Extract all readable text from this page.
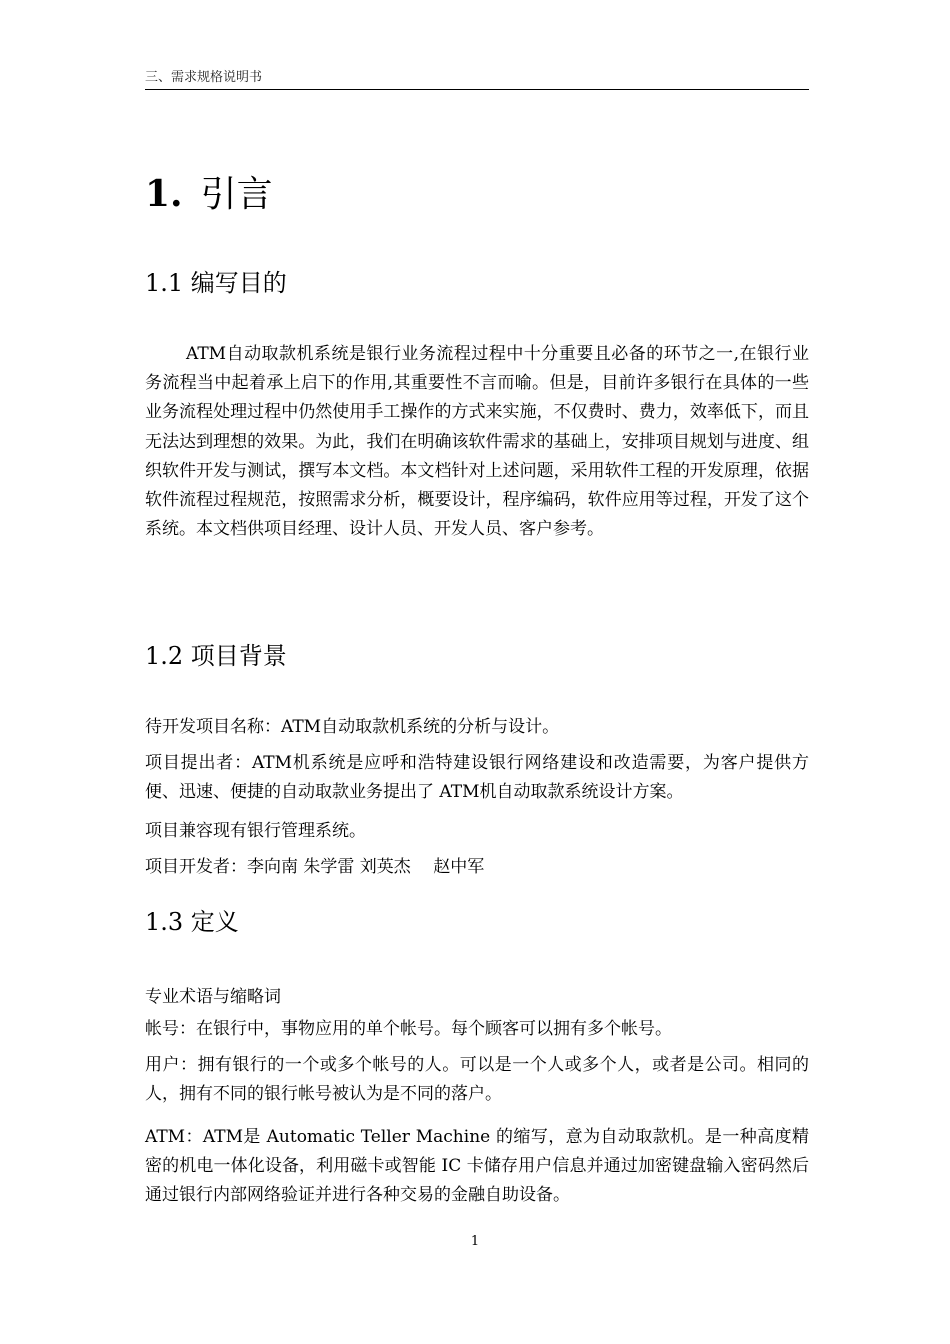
三、需求规格说明书
1. 引言
1.1 编写目的

ATM自动取款机系统是银行业务流程过程中十分重要且必备的环节之一,在银行业务流程当中起着承上启下的作用,其重要性不言而喻。但是，目前许多银行在具体的一些业务流程处理过程中仍然使用手工操作的方式来实施，不仅费时、费力，效率低下，而且无法达到理想的效果。为此，我们在明确该软件需求的基础上，安排项目规划与进度、组织软件开发与测试，撰写本文档。本文档针对上述问题，采用软件工程的开发原理，依据软件流程过程规范，按照需求分析，概要设计，程序编码，软件应用等过程，开发了这个系统。本文档供项目经理、设计人员、开发人员、客户参考。

1.2 项目背景

待开发项目名称：ATM自动取款机系统的分析与设计。

项目提出者：ATM机系统是应呼和浩特建设银行网络建设和改造需要，为客户提供方便、迅速、便捷的自动取款业务提出了 ATM机自动取款系统设计方案。

项目兼容现有银行管理系统。

项目开发者：李向南 朱学雷 刘英杰　 赵中军

1.3 定义

专业术语与缩略词

帐号：在银行中，事物应用的单个帐号。每个顾客可以拥有多个帐号。

用户：拥有银行的一个或多个帐号的人。可以是一个人或多个人，或者是公司。相同的人，拥有不同的银行帐号被认为是不同的落户。

ATM：ATM是 Automatic Teller Machine 的缩写，意为自动取款机。是一种高度精密的机电一体化设备，利用磁卡或智能 IC 卡储存用户信息并通过加密键盘输入密码然后通过银行内部网络验证并进行各种交易的金融自助设备。

1
